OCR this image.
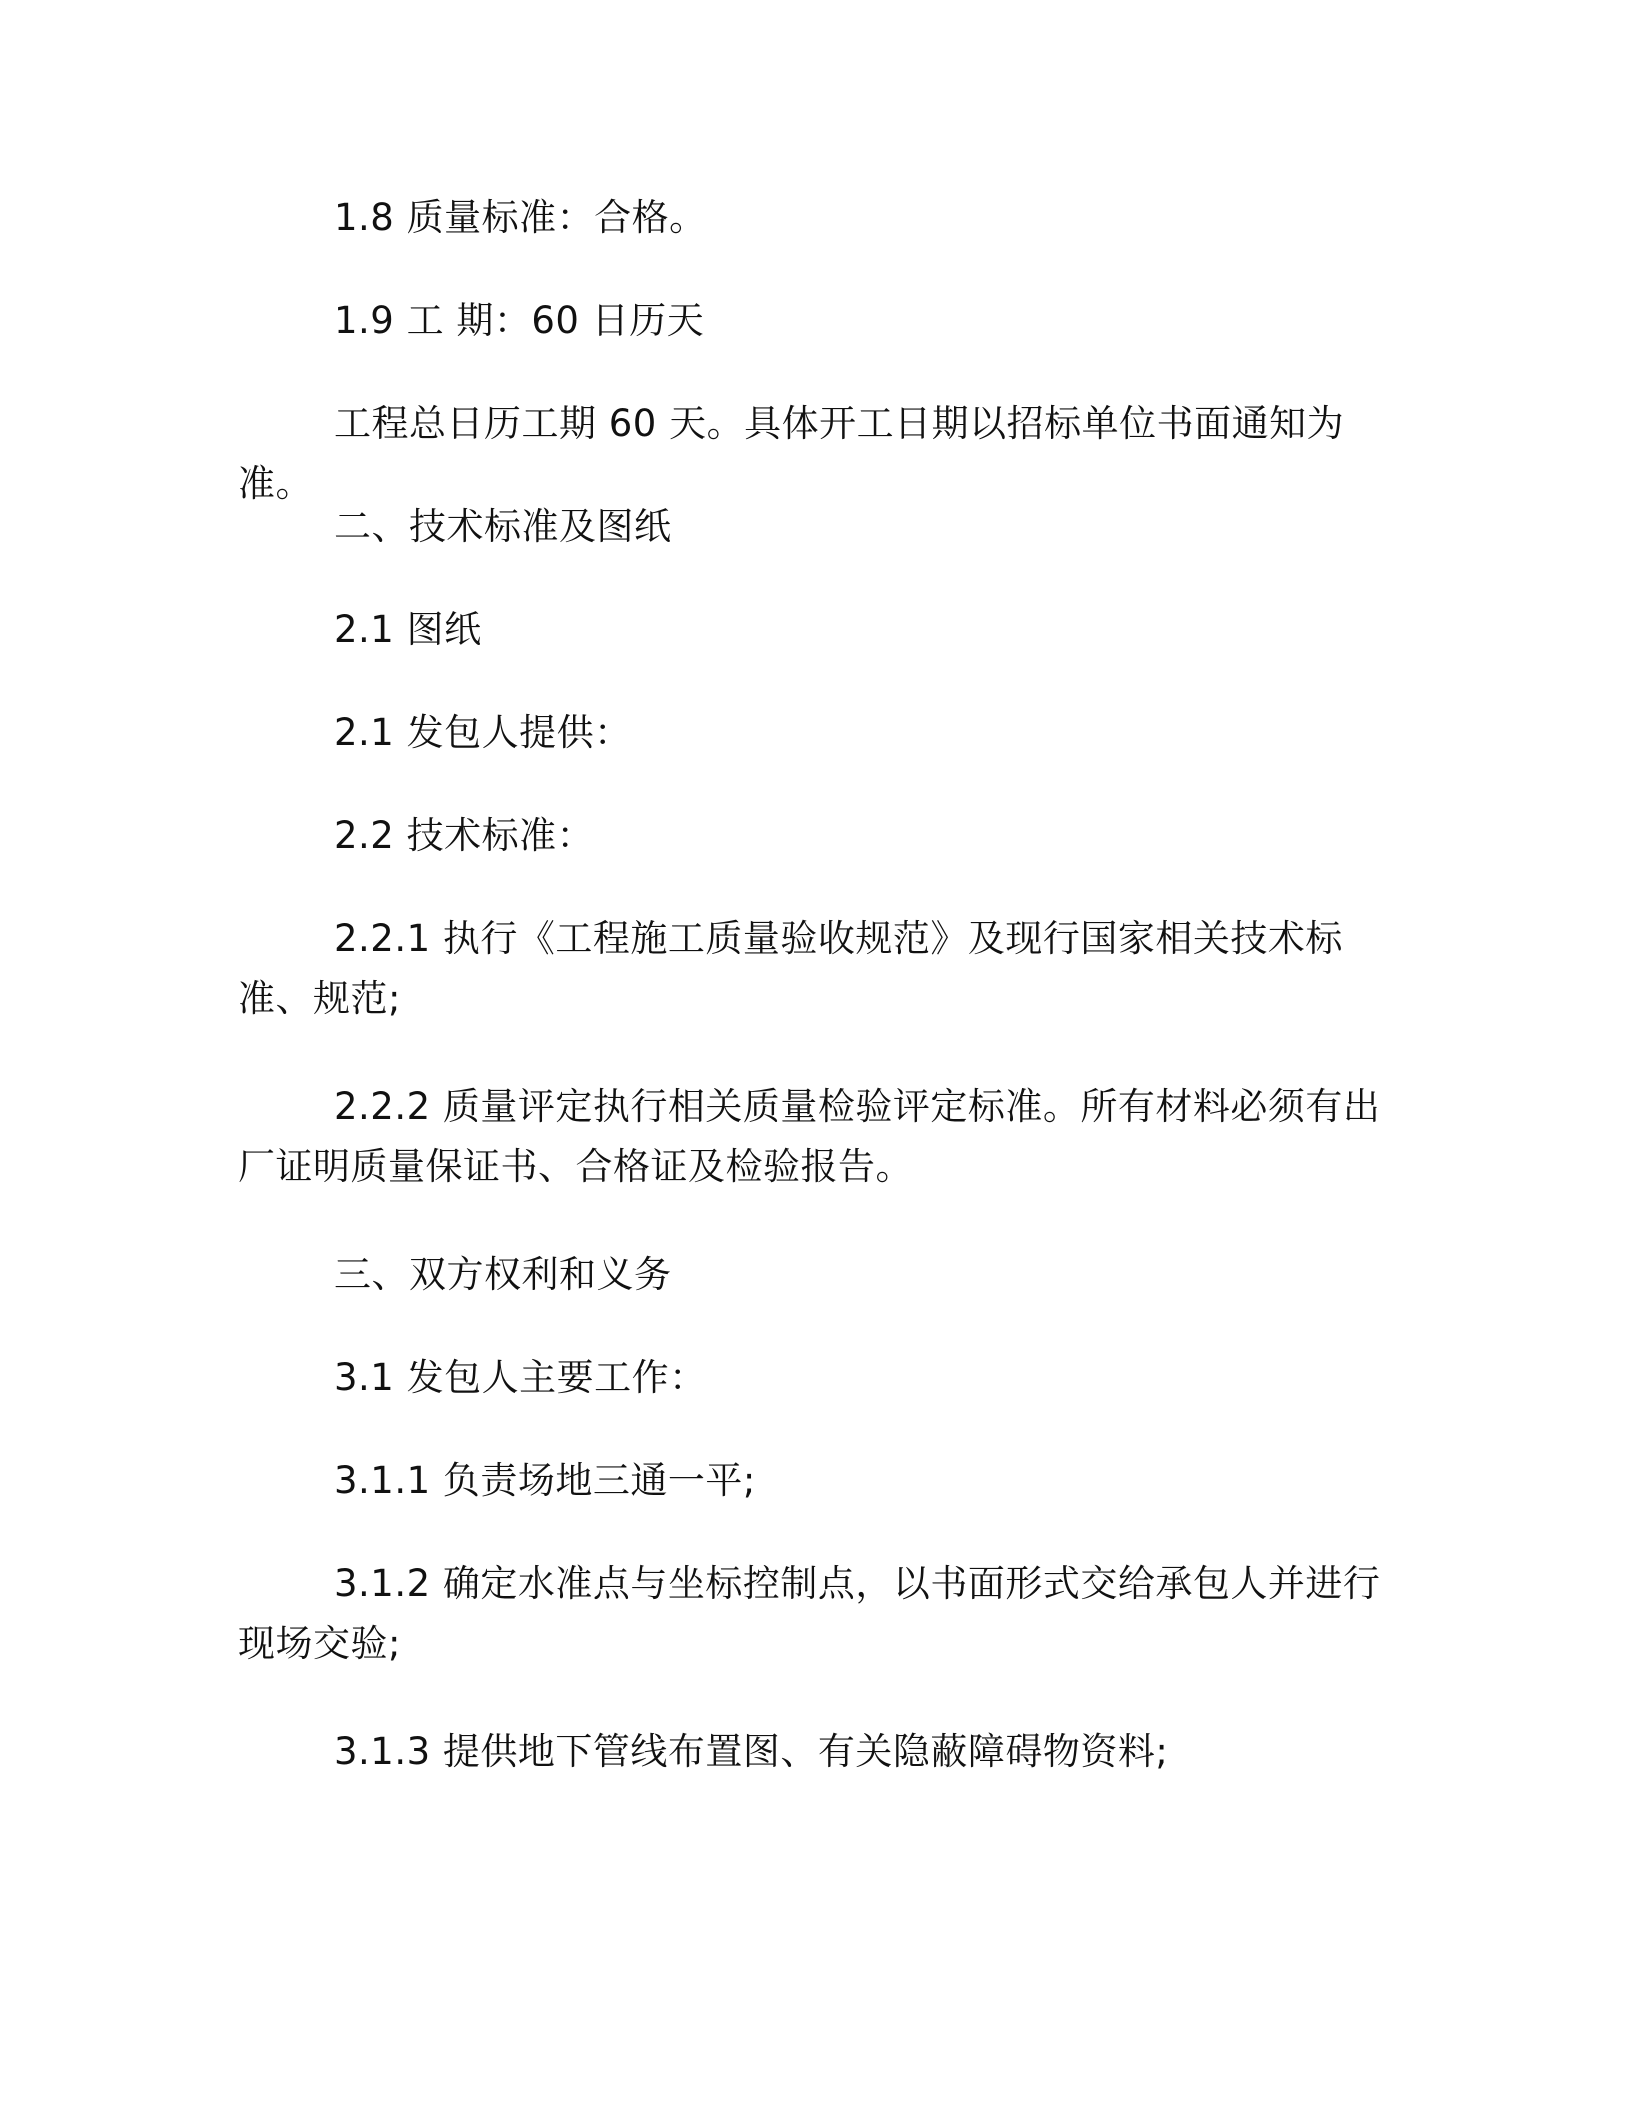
1.8 质量标准：合格。

1.9 工 期：60 日历天

工程总日历工期 60 天。具体开工日期以招标单位书面通知为准。

二、技术标准及图纸

2.1 图纸

2.1 发包人提供：

2.2 技术标准：

2.2.1 执行《工程施工质量验收规范》及现行国家相关技术标准、规范;

2.2.2 质量评定执行相关质量检验评定标准。所有材料必须有出厂证明质量保证书、合格证及检验报告。

三、双方权利和义务

3.1 发包人主要工作：

3.1.1 负责场地三通一平;

3.1.2 确定水准点与坐标控制点，以书面形式交给承包人并进行现场交验;

3.1.3 提供地下管线布置图、有关隐蔽障碍物资料;
